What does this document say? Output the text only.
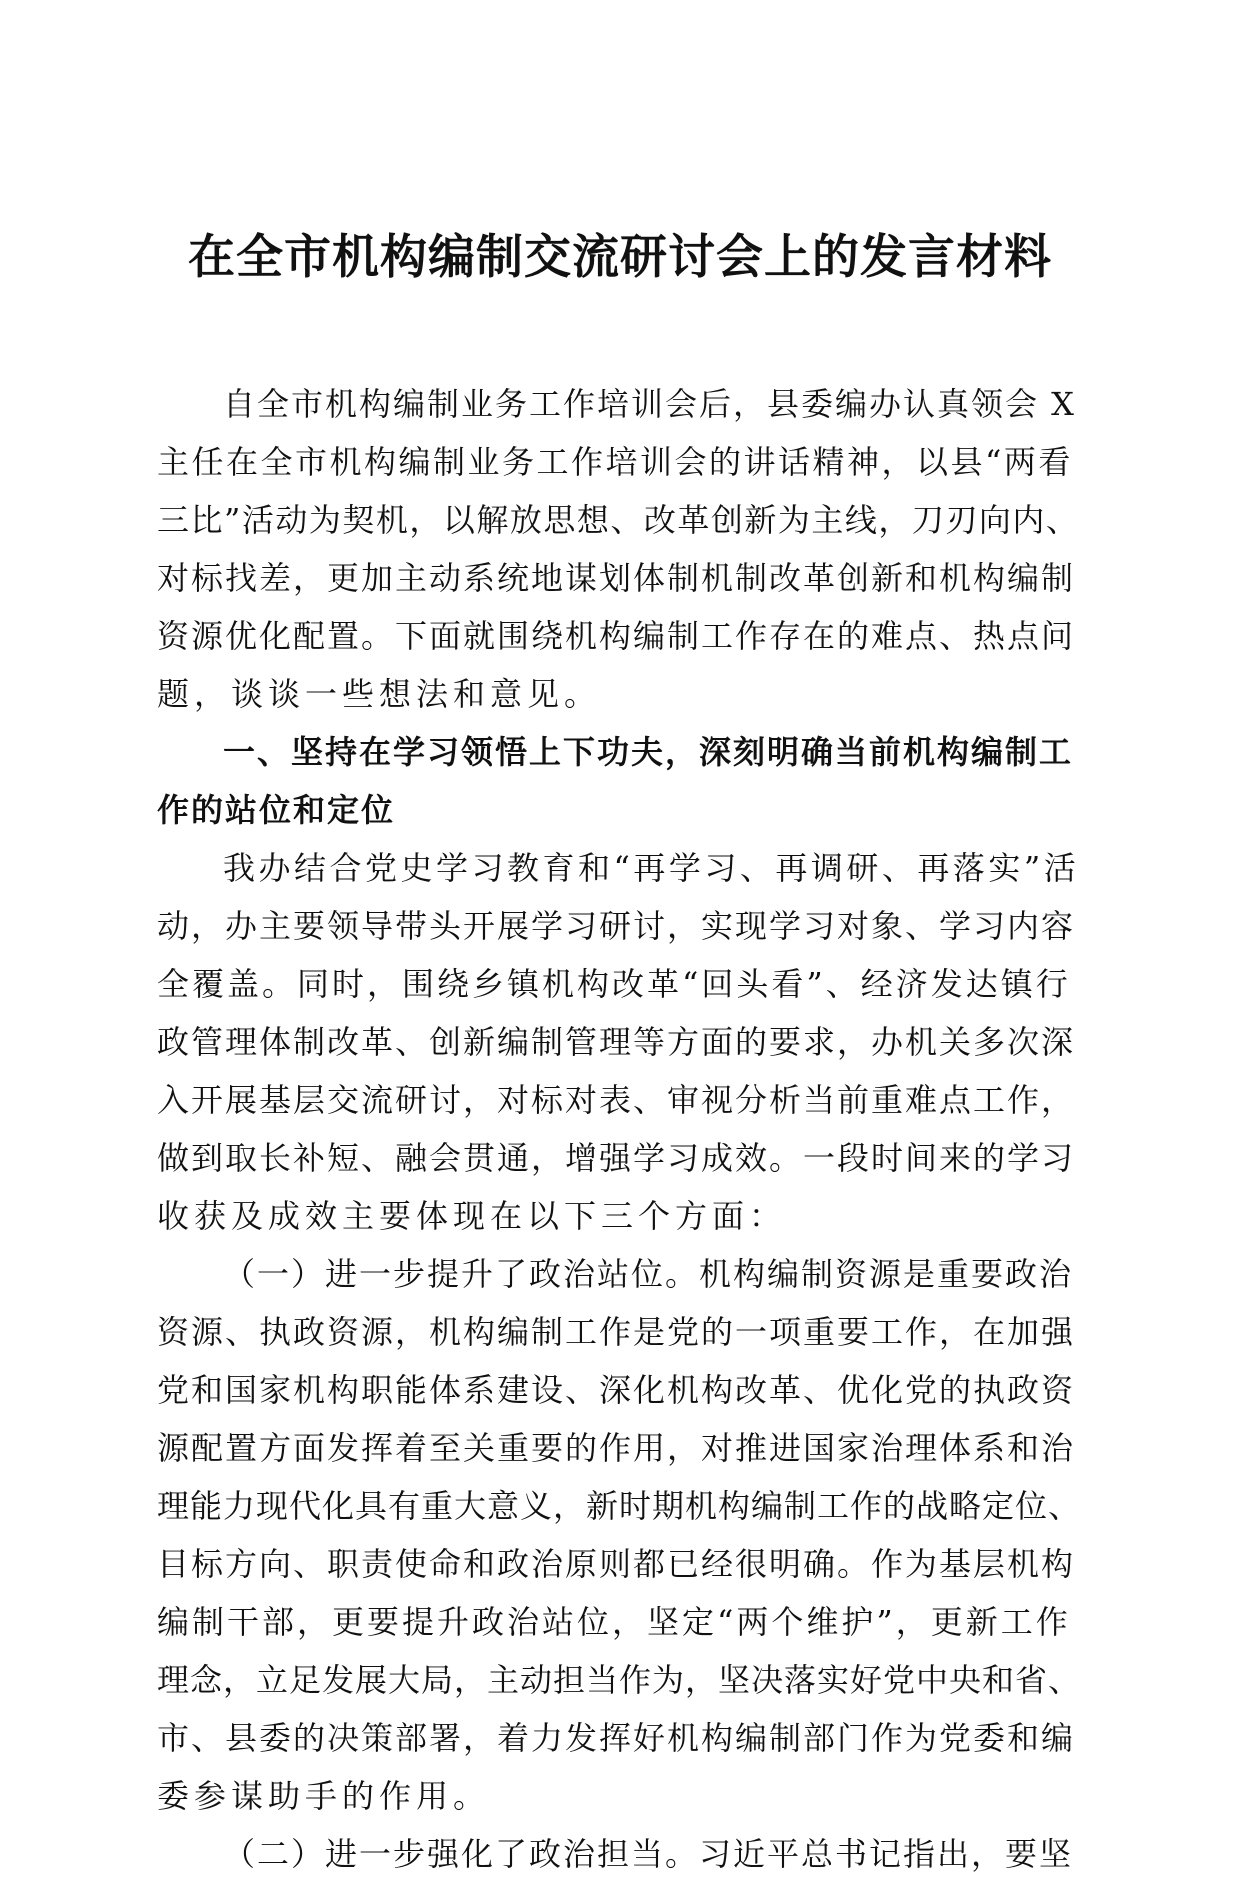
在全市机构编制交流研讨会上的发言材料
自全市机构编制业务工作培训会后，县委编办认真领会 X
主任在全市机构编制业务工作培训会的讲话精神，以县“两看
三比”活动为契机，以解放思想、改革创新为主线，刀刃向内、
对标找差，更加主动系统地谋划体制机制改革创新和机构编制
资源优化配置。下面就围绕机构编制工作存在的难点、热点问
题，谈谈一些想法和意见。
一、坚持在学习领悟上下功夫，深刻明确当前机构编制工
作的站位和定位
我办结合党史学习教育和“再学习、再调研、再落实”活
动，办主要领导带头开展学习研讨，实现学习对象、学习内容
全覆盖。同时，围绕乡镇机构改革“回头看”、经济发达镇行
政管理体制改革、创新编制管理等方面的要求，办机关多次深
入开展基层交流研讨，对标对表、审视分析当前重难点工作，
做到取长补短、融会贯通，增强学习成效。一段时间来的学习
收获及成效主要体现在以下三个方面：
（一）进一步提升了政治站位。机构编制资源是重要政治
资源、执政资源，机构编制工作是党的一项重要工作，在加强
党和国家机构职能体系建设、深化机构改革、优化党的执政资
源配置方面发挥着至关重要的作用，对推进国家治理体系和治
理能力现代化具有重大意义，新时期机构编制工作的战略定位、
目标方向、职责使命和政治原则都已经很明确。作为基层机构
编制干部，更要提升政治站位，坚定“两个维护”，更新工作
理念，立足发展大局，主动担当作为，坚决落实好党中央和省、
市、县委的决策部署，着力发挥好机构编制部门作为党委和编
委参谋助手的作用。
（二）进一步强化了政治担当。习近平总书记指出，要坚
